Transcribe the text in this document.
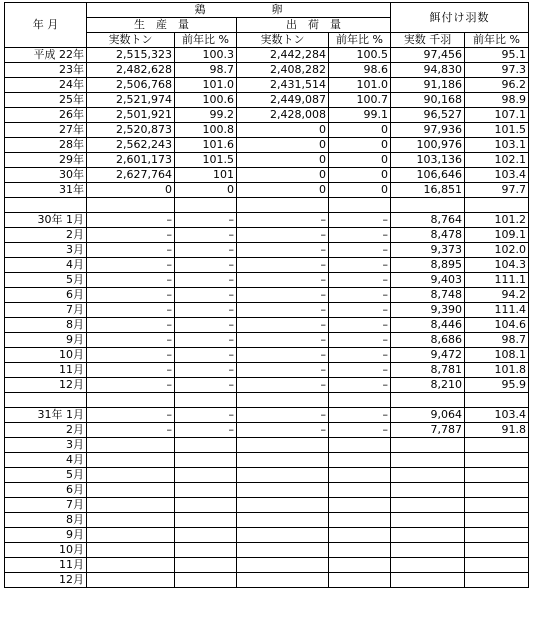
年 月	鶏　　　　　　卵				餌付け羽数	
	生　産　量		出　荷　量			
	実数トン	前年比 %	実数トン	前年比 %	実数 千羽	前年比 %
平成 22年	2,515,323	100.3	2,442,284	100.5	97,456	95.1
23年	2,482,628	98.7	2,408,282	98.6	94,830	97.3
24年	2,506,768	101.0	2,431,514	101.0	91,186	96.2
25年	2,521,974	100.6	2,449,087	100.7	90,168	98.9
26年	2,501,921	99.2	2,428,008	99.1	96,527	107.1
27年	2,520,873	100.8	0	0	97,936	101.5
28年	2,562,243	101.6	0	0	100,976	103.1
29年	2,601,173	101.5	0	0	103,136	102.1
30年	2,627,764	101	0	0	106,646	103.4
31年	0	0	0	0	16,851	97.7

30年 1月	–	–	–	–	8,764	101.2
2月	–	–	–	–	8,478	109.1
3月	–	–	–	–	9,373	102.0
4月	–	–	–	–	8,895	104.3
5月	–	–	–	–	9,403	111.1
6月	–	–	–	–	8,748	94.2
7月	–	–	–	–	9,390	111.4
8月	–	–	–	–	8,446	104.6
9月	–	–	–	–	8,686	98.7
10月	–	–	–	–	9,472	108.1
11月	–	–	–	–	8,781	101.8
12月	–	–	–	–	8,210	95.9

31年 1月	–	–	–	–	9,064	103.4
2月	–	–	–	–	7,787	91.8
3月						
4月						
5月						
6月						
7月						
8月						
9月						
10月						
11月						
12月						
